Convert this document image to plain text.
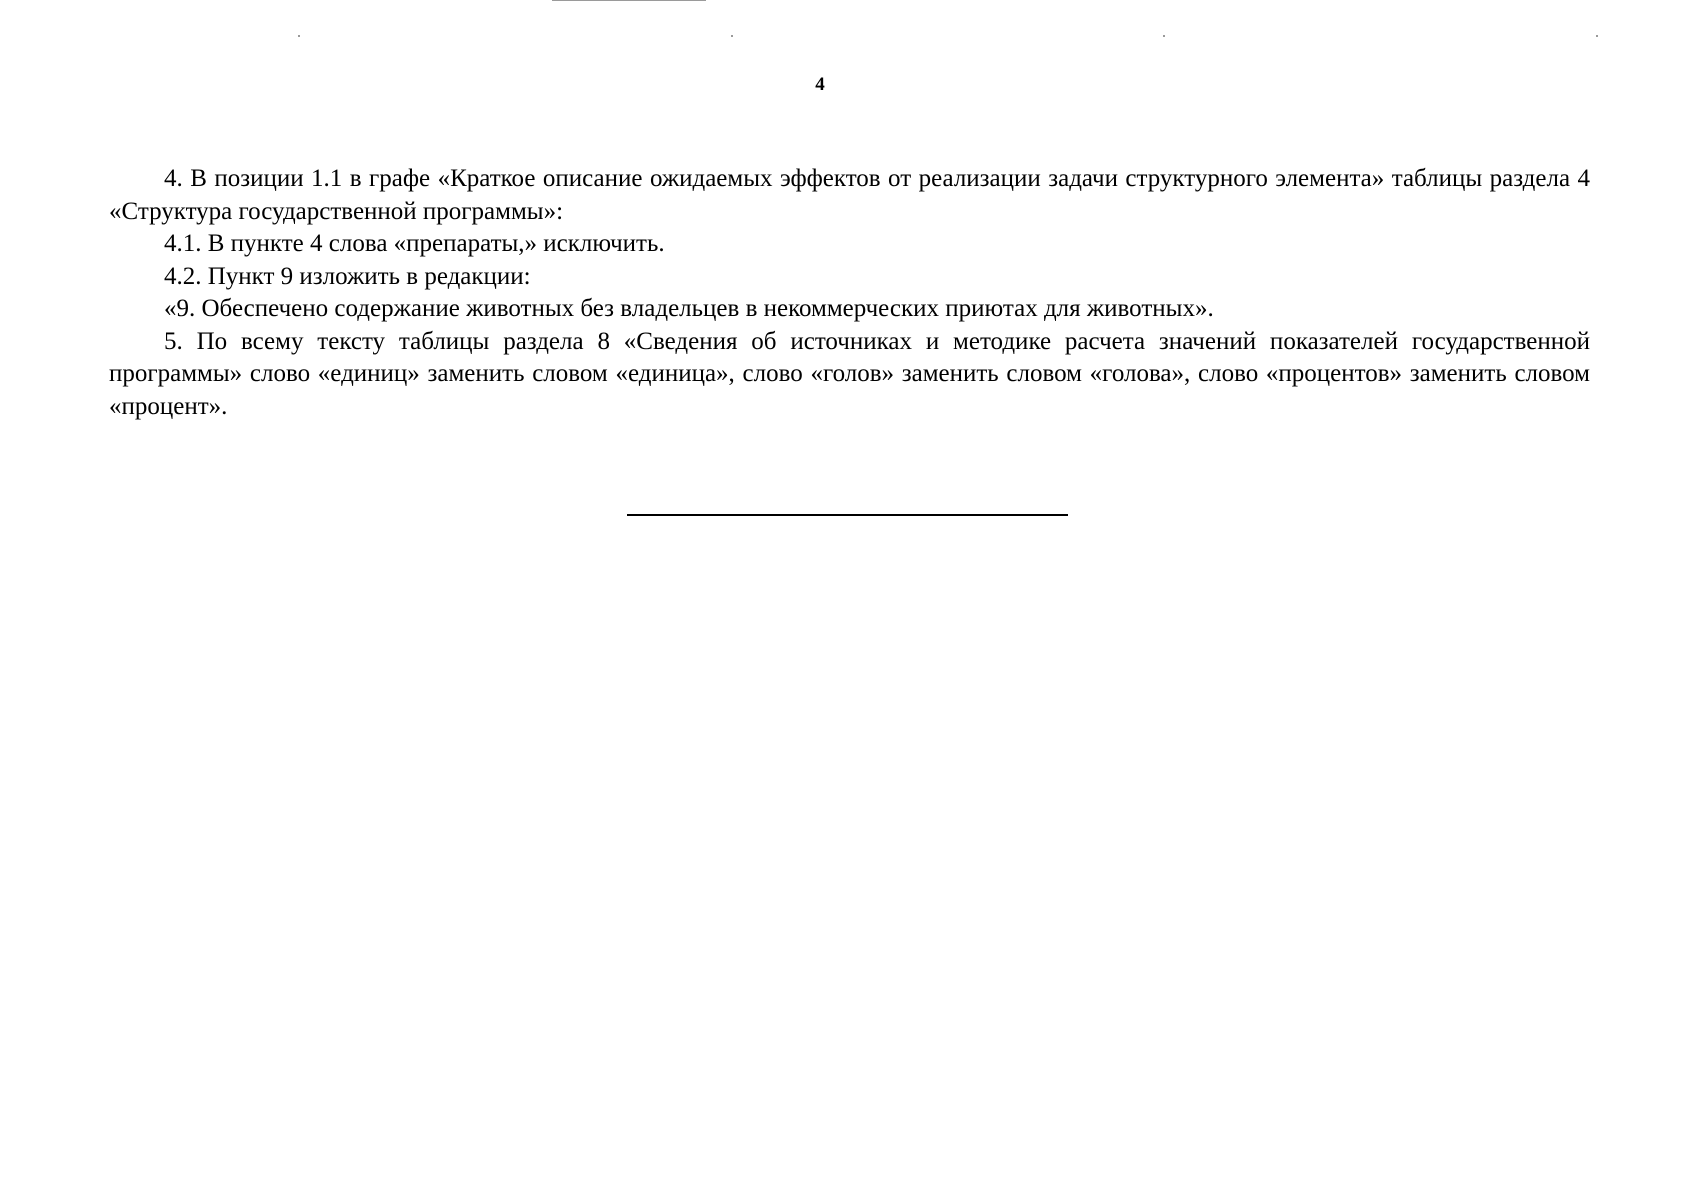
4

4. В позиции 1.1 в графе «Краткое описание ожидаемых эффектов от реализации задачи структурного элемента» таблицы раздела 4 «Структура государственной программы»:

4.1. В пункте 4 слова «препараты,» исключить.

4.2. Пункт 9 изложить в редакции:

«9. Обеспечено содержание животных без владельцев в некоммерческих приютах для животных».

5. По всему тексту таблицы раздела 8 «Сведения об источниках и методике расчета значений показателей государственной программы» слово «единиц» заменить словом «единица», слово «голов» заменить словом «голова», слово «процентов» заменить словом «процент».
